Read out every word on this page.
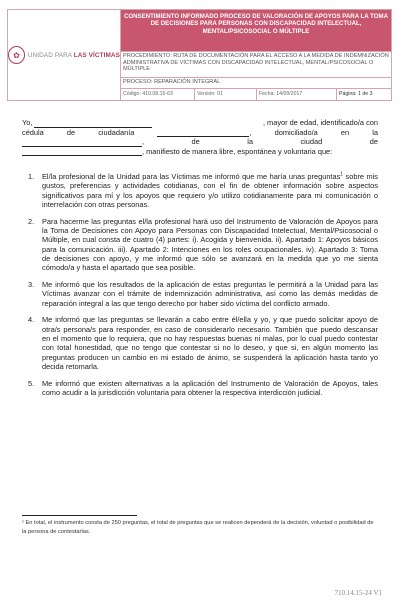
✿	UNIDAD PARA LAS VÍCTIMAS
CONSENTIMIENTO INFORMADO PROCESO DE VALORACIÓN DE APOYOS PARA LA TOMA DE DECISIONES PARA PERSONAS CON DISCAPACIDAD INTELECTUAL, MENTAL/PSICOSOCIAL O MÚLTIPLE
PROCEDIMIENTO: RUTA DE DOCUMENTACIÓN PARA EL ACCESO A LA MEDIDA DE INDEMNIZACIÓN ADMINISTRATIVA DE VÍCTIMAS CON DISCAPACIDAD INTELECTUAL, MENTAL/PSICOSOCIAL O MÚLTIPLE
PROCESO: REPARACIÓN INTEGRAL
Código: 410.08.15-63	Versión: 01	Fecha: 14/09/2017	Página: 1 de 3
Yo,	, mayor de edad, identificado/a con
cédula	de	ciudadanía	,	domiciliado/a	en	la
,	de	la	ciudad	de
, manifiesto de manera libre, espontánea y voluntaria que:
1.	El/la profesional de la Unidad para las Víctimas me informó que me haría unas preguntas$^1$ sobre mis gustos, preferencias y actividades cotidianas, con el fin de obtener información sobre aspectos significativos para mí y los apoyos que requiero y/o utilizo cotidianamente para mi comunicación o interrelación con otras personas.
2.	Para hacerme las preguntas el/la profesional hará uso del Instrumento de Valoración de Apoyos para la Toma de Decisiones con Apoyo para Personas con Discapacidad Intelectual, Mental/Psicosocial o Múltiple, en cual consta de cuatro (4) partes: i). Acogida y bienvenida. ii). Apartado 1: Apoyos básicos para la comunicación. iii). Apartado 2: Intenciones en los roles ocupacionales. iv). Apartado 3: Toma de decisiones con apoyo, y me informó que sólo se avanzará en la medida que yo me sienta cómodo/a y hasta el apartado que sea posible.
3.	Me informó que los resultados de la aplicación de estas preguntas le permitirá a la Unidad para las Víctimas avanzar con el trámite de indemnización administrativa, así como las demás medidas de reparación integral a las que tengo derecho por haber sido víctima del conflicto armado.
4.	Me informó que las preguntas se llevarán a cabo entre él/ella y yo, y que puedo solicitar apoyo de otra/s persona/s para responder, en caso de considerarlo necesario. También que puedo descansar en el momento que lo requiera, que no hay respuestas buenas ni malas, por lo cual puedo contestar con total honestidad, que no tengo que contestar si no lo deseo, y que si, en algún momento las preguntas producen un cambio en mi estado de ánimo, se suspenderá la aplicación hasta tanto yo decida retomarla.
5.	Me informó que existen alternativas a la aplicación del Instrumento de Valoración de Apoyos, tales como acudir a la jurisdicción voluntaria para obtener la respectiva interdicción judicial.
¹ En total, el instrumento consta de 250 preguntas, el total de preguntas que se realicen dependerá de la decisión, voluntad o posibilidad de la persona de contestarlas.
710.14.15-24 V1
